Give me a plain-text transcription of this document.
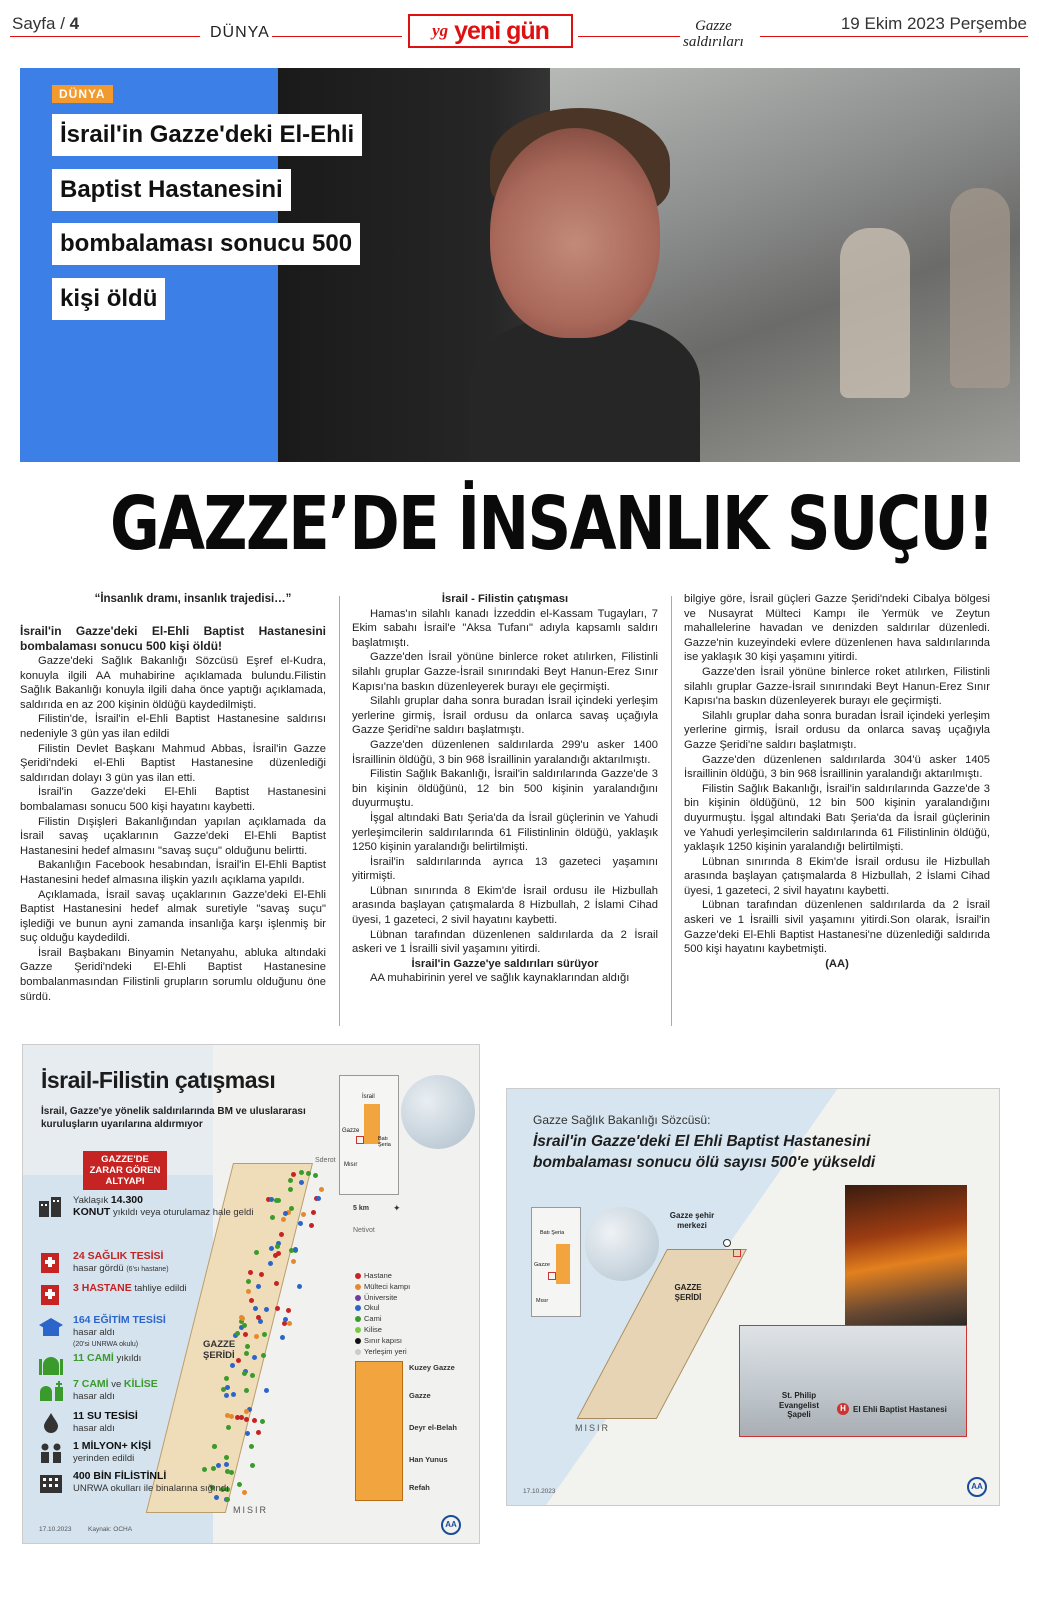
Sayfa / 4	DÜNYA	yg yeni gün	Gazze
saldırıları
19 Ekim 2023 Perşembe
DÜNYA
İsrail'in Gazze'deki El-Ehli
Baptist Hastanesini
bombalaması sonucu 500
kişi öldü
GAZZE’DE İNSANLIK SUÇU!
“İnsanlık dramı, insanlık trajedisi…”

İsrail'in Gazze'deki El-Ehli Baptist Hastanesini bombalaması sonucu 500 kişi öldü!

Gazze'deki Sağlık Bakanlığı Sözcüsü Eşref el-Kudra, konuyla ilgili AA muhabirine açıklamada bulundu.Filistin Sağlık Bakanlığı konuyla ilgili daha önce yaptığı açıklamada, saldırıda en az 200 kişinin öldüğü kaydedilmişti.

Filistin'de, İsrail'in el-Ehli Baptist Hastanesine saldırısı nedeniyle 3 gün yas ilan edildi

Filistin Devlet Başkanı Mahmud Abbas, İsrail'in Gazze Şeridi'ndeki el-Ehli Baptist Hastanesine düzenlediği saldırıdan dolayı 3 gün yas ilan etti.

İsrail'in Gazze'deki El-Ehli Baptist Hastanesini bombalaması sonucu 500 kişi hayatını kaybetti.

Filistin Dışişleri Bakanlığından yapılan açıklamada da İsrail savaş uçaklarının Gazze'deki El-Ehli Baptist Hastanesini hedef almasını "savaş suçu" olduğunu belirtti.

Bakanlığın Facebook hesabından, İsrail'in El-Ehli Baptist Hastanesini hedef almasına ilişkin yazılı açıklama yapıldı.

Açıklamada, İsrail savaş uçaklarının Gazze'deki El-Ehli Baptist Hastanesini hedef almak suretiyle "savaş suçu" işlediği ve bunun ayni zamanda insanlığa karşı işlenmiş bir suç olduğu kaydedildi.

İsrail Başbakanı Binyamin Netanyahu, abluka altındaki Gazze Şeridi'ndeki El-Ehli Baptist Hastanesine bombalanmasından Filistinli grupların sorumlu olduğunu öne sürdü.

İsrail - Filistin çatışması

Hamas'ın silahlı kanadı İzzeddin el-Kassam Tugayları, 7 Ekim sabahı İsrail'e "Aksa Tufanı" adıyla kapsamlı saldırı başlatmıştı.

Gazze'den İsrail yönüne binlerce roket atılırken, Filistinli silahlı gruplar Gazze-İsrail sınırındaki Beyt Hanun-Erez Sınır Kapısı'na baskın düzenleyerek burayı ele geçirmişti.

Silahlı gruplar daha sonra buradan İsrail içindeki yerleşim yerlerine girmiş, İsrail ordusu da onlarca savaş uçağıyla Gazze Şeridi'ne saldırı başlatmıştı.

Gazze'den düzenlenen saldırılarda 299'u asker 1400 İsraillinin öldüğü, 3 bin 968 İsraillinin yaralandığı aktarılmıştı.

Filistin Sağlık Bakanlığı, İsrail'in saldırılarında Gazze'de 3 bin kişinin öldüğünü, 12 bin 500 kişinin yaralandığını duyurmuştu.

İşgal altındaki Batı Şeria'da da İsrail güçlerinin ve Yahudi yerleşimcilerin saldırılarında 61 Filistinlinin öldüğü, yaklaşık 1250 kişinin yaralandığı belirtilmişti.

İsrail'in saldırılarında ayrıca 13 gazeteci yaşamını yitirmişti.

Lübnan sınırında 8 Ekim'de İsrail ordusu ile Hizbullah arasında başlayan çatışmalarda 8 Hizbullah, 2 İslami Cihad üyesi, 1 gazeteci, 2 sivil hayatını kaybetti.

Lübnan tarafından düzenlenen saldırılarda da 2 İsrail askeri ve 1 İsrailli sivil yaşamını yitirdi.

İsrail'in Gazze'ye saldırıları sürüyor

AA muhabirinin yerel ve sağlık kaynaklarından aldığı

bilgiye göre, İsrail güçleri Gazze Şeridi'ndeki Cibalya bölgesi ve Nusayrat Mülteci Kampı ile Yermük ve Zeytun mahallelerine havadan ve denizden saldırılar düzenledi. Gazze'nin kuzeyindeki evlere düzenlenen hava saldırılarında ise yaklaşık 30 kişi yaşamını yitirdi.

Gazze'den İsrail yönüne binlerce roket atılırken, Filistinli silahlı gruplar Gazze-İsrail sınırındaki Beyt Hanun-Erez Sınır Kapısı'na baskın düzenleyerek burayı ele geçirmişti.

Silahlı gruplar daha sonra buradan İsrail içindeki yerleşim yerlerine girmiş, İsrail ordusu da onlarca savaş uçağıyla Gazze Şeridi'ne saldırı başlatmıştı.

Gazze'den düzenlenen saldırılarda 304'ü asker 1405 İsraillinin öldüğü, 3 bin 968 İsraillinin yaralandığı aktarılmıştı.

Filistin Sağlık Bakanlığı, İsrail'in saldırılarında Gazze'de 3 bin kişinin öldüğünü, 12 bin 500 kişinin yaralandığını duyurmuştu. İşgal altındaki Batı Şeria'da da İsrail güçlerinin ve Yahudi yerleşimcilerin saldırılarında 61 Filistinlinin öldüğü, yaklaşık 1250 kişinin yaralandığı belirtilmişti.

Lübnan sınırında 8 Ekim'de İsrail ordusu ile Hizbullah arasında başlayan çatışmalarda 8 Hizbullah, 2 İslami Cihad üyesi, 1 gazeteci, 2 sivil hayatını kaybetti.

Lübnan tarafından düzenlenen saldırılarda da 2 İsrail askeri ve 1 İsrailli sivil yaşamını yitirdi.Son olarak, İsrail'in Gazze'deki El-Ehli Baptist Hastanesi'ne düzenlediği saldırıda 500 kişi hayatını kaybetmişti.

(AA)

İsrail-Filistin çatışması
İsrail, Gazze'ye yönelik saldırılarında BM ve uluslararası kuruluşların uyarılarına aldırmıyor
GAZZE'DE ZARAR GÖREN ALTYAPI
Yaklaşık 14.300
KONUT yıkıldı veya oturulamaz hale geldi
24 SAĞLIK TESİSİ
hasar gördü (6'sı hastane)
3 HASTANE tahliye edildi
164 EĞİTİM TESİSİ
hasar aldı
(20'si UNRWA okulu)
11 CAMİ yıkıldı
7 CAMİ ve KİLİSE
hasar aldı
11 SU TESİSİ
hasar aldı
1 MİLYON+ KİŞİ
yerinden edildi
400 BİN FİLİSTİNLİ
UNRWA okulları ile binalarına sığındı
İsrail
Gazze
Batı Şeria
Mısır
Sderot
5 km	✦
Netivot
Hastane
Mülteci kampı
Üniversite
Okul
Cami
Kilise
Sınır kapısı
Yerleşim yeri
GAZZE ŞERİDİ
MISIR
Kuzey Gazze
Gazze
Deyr el-Belah
Han Yunus
Refah
17.10.2023	Kaynak: OCHA
AA
Gazze Sağlık Bakanlığı Sözcüsü:
İsrail'in Gazze'deki El Ehli Baptist Hastanesini bombalaması sonucu ölü sayısı 500'e yükseldi
Batı Şeria
Gazze
Mısır
Gazze şehir merkezi
GAZZE ŞERİDİ
MISIR
H
St. Philip Evangelist Şapeli
El Ehli Baptist Hastanesi
17.10.2023
AA
